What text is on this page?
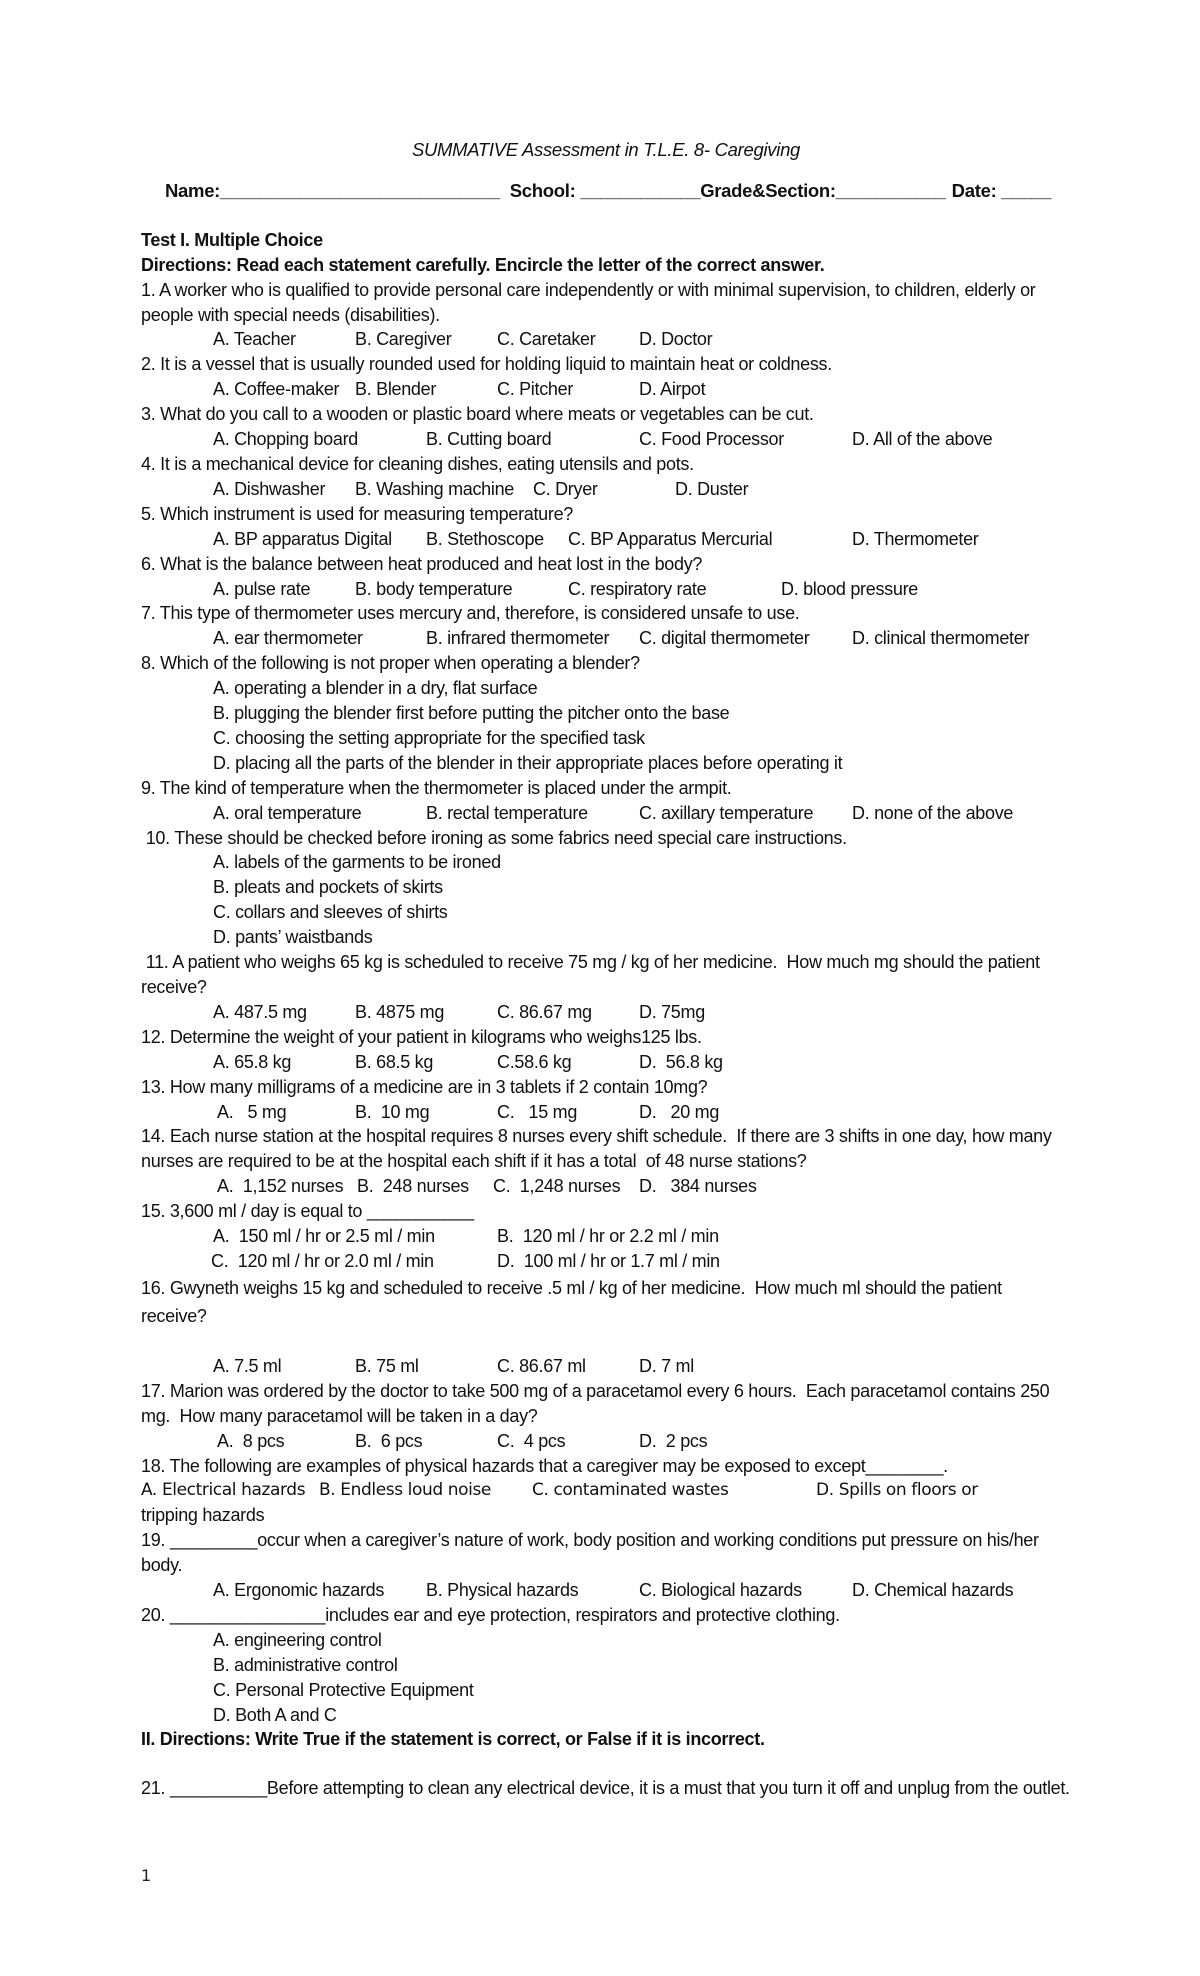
SUMMATIVE Assessment in T.L.E. 8- Caregiving
Name:____________________________ School: ____________ Grade&Section:___________ Date: _____
Test I. Multiple Choice
Directions: Read each statement carefully. Encircle the letter of the correct answer.
1. A worker who is qualified to provide personal care independently or with minimal supervision, to children, elderly or people with special needs (disabilities).
A. Teacher	B. Caregiver	C. Caretaker	D. Doctor
2. It is a vessel that is usually rounded used for holding liquid to maintain heat or coldness.
A. Coffee-maker B. Blender	C. Pitcher	D. Airpot
3. What do you call to a wooden or plastic board where meats or vegetables can be cut.
A. Chopping board	B. Cutting board	C. Food Processor	D. All of the above
4. It is a mechanical device for cleaning dishes, eating utensils and pots.
A. Dishwasher	B. Washing machine	C. Dryer	D. Duster
5. Which instrument is used for measuring temperature?
A. BP apparatus Digital	B. Stethoscope	C. BP Apparatus Mercurial	D. Thermometer
6. What is the balance between heat produced and heat lost in the body?
A. pulse rate	B. body temperature	C. respiratory rate	D. blood pressure
7. This type of thermometer uses mercury and, therefore, is considered unsafe to use.
A. ear thermometer	B. infrared thermometer	C. digital thermometer	D. clinical thermometer
8. Which of the following is not proper when operating a blender?
A. operating a blender in a dry, flat surface
B. plugging the blender first before putting the pitcher onto the base
C. choosing the setting appropriate for the specified task
D. placing all the parts of the blender in their appropriate places before operating it
9. The kind of temperature when the thermometer is placed under the armpit.
A. oral temperature	B. rectal temperature	C. axillary temperature	D. none of the above
10. These should be checked before ironing as some fabrics need special care instructions.
A. labels of the garments to be ironed
B. pleats and pockets of skirts
C. collars and sleeves of shirts
D. pants’ waistbands
11. A patient who weighs 65 kg is scheduled to receive 75 mg / kg of her medicine.  How much mg should the patient receive?
A. 487.5 mg	B. 4875 mg	C. 86.67 mg	D. 75mg
12. Determine the weight of your patient in kilograms who weighs125 lbs.
A. 65.8 kg	B. 68.5 kg	C.58.6 kg	D.  56.8 kg
13. How many milligrams of a medicine are in 3 tablets if 2 contain 10mg?
A.   5 mg	B.  10 mg	C.   15 mg	D.   20 mg
14. Each nurse station at the hospital requires 8 nurses every shift schedule.  If there are 3 shifts in one day, how many nurses are required to be at the hospital each shift if it has a total  of 48 nurse stations?
A.  1,152 nurses B.  248 nurses	C.  1,248 nurses	D.   384 nurses
15. 3,600 ml / day is equal to ___________
A.  150 ml / hr or 2.5 ml / min	B.  120 ml / hr or 2.2 ml / min
C.  120 ml / hr or 2.0 ml / min	D.  100 ml / hr or 1.7 ml / min
16. Gwyneth weighs 15 kg and scheduled to receive .5 ml / kg of her medicine.  How much ml should the patient receive?
A. 7.5 ml	B. 75 ml	C. 86.67 ml	D. 7 ml
17. Marion was ordered by the doctor to take 500 mg of a paracetamol every 6 hours.  Each paracetamol contains 250 mg.  How many paracetamol will be taken in a day?
A.  8 pcs	B.  6 pcs	C.  4 pcs	D.  2 pcs
18. The following are examples of physical hazards that a caregiver may be exposed to except________.
A. Electrical hazards B. Endless loud noise	C. contaminated wastes	D. Spills on floors or
tripping hazards
19. _________occur when a caregiver’s nature of work, body position and working conditions put pressure on his/her body.
A. Ergonomic hazards	B. Physical hazards	C. Biological hazards	D. Chemical hazards
20. ________________includes ear and eye protection, respirators and protective clothing.
A. engineering control
B. administrative control
C. Personal Protective Equipment
D. Both A and C
II. Directions: Write True if the statement is correct, or False if it is incorrect.
21. __________Before attempting to clean any electrical device, it is a must that you turn it off and unplug from the outlet.
1
